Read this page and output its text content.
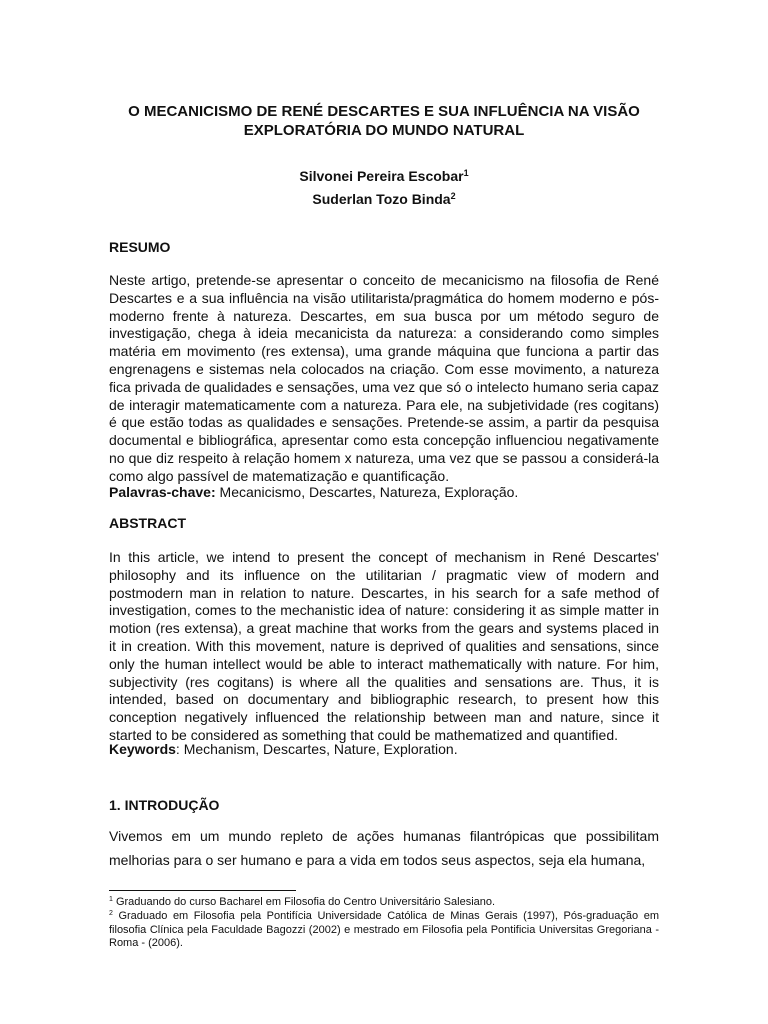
O MECANICISMO DE RENÉ DESCARTES E SUA INFLUÊNCIA NA VISÃO EXPLORATÓRIA DO MUNDO NATURAL

Silvonei Pereira Escobar$^1$

Suderlan Tozo Binda$^2$

RESUMO

Neste artigo, pretende-se apresentar o conceito de mecanicismo na filosofia de René Descartes e a sua influência na visão utilitarista/pragmática do homem moderno e pós-moderno frente à natureza. Descartes, em sua busca por um método seguro de investigação, chega à ideia mecanicista da natureza: a considerando como simples matéria em movimento (res extensa), uma grande máquina que funciona a partir das engrenagens e sistemas nela colocados na criação. Com esse movimento, a natureza fica privada de qualidades e sensações, uma vez que só o intelecto humano seria capaz de interagir matematicamente com a natureza. Para ele, na subjetividade (res cogitans) é que estão todas as qualidades e sensações. Pretende-se assim, a partir da pesquisa documental e bibliográfica, apresentar como esta concepção influenciou negativamente no que diz respeito à relação homem x natureza, uma vez que se passou a considerá-la como algo passível de matematização e quantificação.

Palavras-chave: Mecanicismo, Descartes, Natureza, Exploração.

ABSTRACT

In this article, we intend to present the concept of mechanism in René Descartes' philosophy and its influence on the utilitarian / pragmatic view of modern and postmodern man in relation to nature. Descartes, in his search for a safe method of investigation, comes to the mechanistic idea of nature: considering it as simple matter in motion (res extensa), a great machine that works from the gears and systems placed in it in creation. With this movement, nature is deprived of qualities and sensations, since only the human intellect would be able to interact mathematically with nature. For him, subjectivity (res cogitans) is where all the qualities and sensations are. Thus, it is intended, based on documentary and bibliographic research, to present how this conception negatively influenced the relationship between man and nature, since it started to be considered as something that could be mathematized and quantified.

Keywords: Mechanism, Descartes, Nature, Exploration.

1. INTRODUÇÃO

Vivemos em um mundo repleto de ações humanas filantrópicas que possibilitam melhorias para o ser humano e para a vida em todos seus aspectos, seja ela humana,

$^1$ Graduando do curso Bacharel em Filosofia do Centro Universitário Salesiano.

$^2$ Graduado em Filosofia pela Pontifícia Universidade Católica de Minas Gerais (1997), Pós-graduação em filosofia Clínica pela Faculdade Bagozzi (2002) e mestrado em Filosofia pela Pontificia Universitas Gregoriana -Roma - (2006).
